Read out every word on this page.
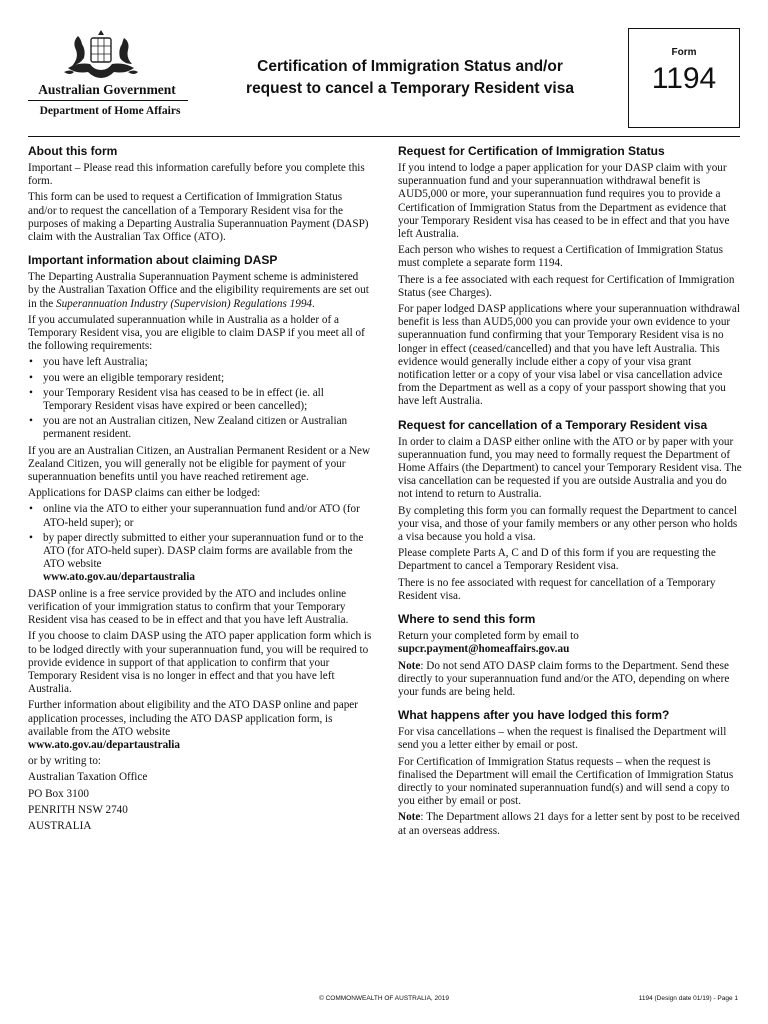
Australian Government
Department of Home Affairs
Certification of Immigration Status and/or
request to cancel a Temporary Resident visa
Form
1194
About this form

Important – Please read this information carefully before you complete this form.

This form can be used to request a Certification of Immigration Status and/or to request the cancellation of a Temporary Resident visa for the purposes of making a Departing Australia Superannuation Payment (DASP) claim with the Australian Tax Office (ATO).

Important information about claiming DASP

The Departing Australia Superannuation Payment scheme is administered by the Australian Taxation Office and the eligibility requirements are set out in the Superannuation Industry (Supervision) Regulations 1994.

If you accumulated superannuation while in Australia as a holder of a Temporary Resident visa, you are eligible to claim DASP if you meet all of the following requirements:

• you have left Australia;
• you were an eligible temporary resident;
• your Temporary Resident visa has ceased to be in effect (ie. all Temporary Resident visas have expired or been cancelled);
• you are not an Australian citizen, New Zealand citizen or Australian permanent resident.

If you are an Australian Citizen, an Australian Permanent Resident or a New Zealand Citizen, you will generally not be eligible for payment of your superannuation benefits until you have reached retirement age.

Applications for DASP claims can either be lodged:

• online via the ATO to either your superannuation fund and/or ATO (for ATO-held super); or
• by paper directly submitted to either your superannuation fund or to the ATO (for ATO-held super). DASP claim forms are available from the ATO website
www.ato.gov.au/departaustralia

DASP online is a free service provided by the ATO and includes online verification of your immigration status to confirm that your Temporary Resident visa has ceased to be in effect and that you have left Australia.

If you choose to claim DASP using the ATO paper application form which is to be lodged directly with your superannuation fund, you will be required to provide evidence in support of that application to confirm that your Temporary Resident visa is no longer in effect and that you have left Australia.

Further information about eligibility and the ATO DASP online and paper application processes, including the ATO DASP application form, is available from the ATO website
www.ato.gov.au/departaustralia

or by writing to:

Australian Taxation Office

PO Box 3100

PENRITH NSW 2740

AUSTRALIA

Request for Certification of Immigration Status

If you intend to lodge a paper application for your DASP claim with your superannuation fund and your superannuation withdrawal benefit is AUD5,000 or more, your superannuation fund requires you to provide a Certification of Immigration Status from the Department as evidence that your Temporary Resident visa has ceased to be in effect and that you have left Australia.

Each person who wishes to request a Certification of Immigration Status must complete a separate form 1194.

There is a fee associated with each request for Certification of Immigration Status (see Charges).

For paper lodged DASP applications where your superannuation withdrawal benefit is less than AUD5,000 you can provide your own evidence to your superannuation fund confirming that your Temporary Resident visa is no longer in effect (ceased/cancelled) and that you have left Australia. This evidence would generally include either a copy of your visa grant notification letter or a copy of your visa label or visa cancellation advice from the Department as well as a copy of your passport showing that you have left Australia.

Request for cancellation of a Temporary Resident visa

In order to claim a DASP either online with the ATO or by paper with your superannuation fund, you may need to formally request the Department of Home Affairs (the Department) to cancel your Temporary Resident visa. The visa cancellation can be requested if you are outside Australia and you do not intend to return to Australia.

By completing this form you can formally request the Department to cancel your visa, and those of your family members or any other person who holds a visa because you hold a visa.

Please complete Parts A, C and D of this form if you are requesting the Department to cancel a Temporary Resident visa.

There is no fee associated with request for cancellation of a Temporary Resident visa.

Where to send this form

Return your completed form by email to
supcr.payment@homeaffairs.gov.au

Note: Do not send ATO DASP claim forms to the Department. Send these directly to your superannuation fund and/or the ATO, depending on where your funds are being held.

What happens after you have lodged this form?

For visa cancellations – when the request is finalised the Department will send you a letter either by email or post.

For Certification of Immigration Status requests – when the request is finalised the Department will email the Certification of Immigration Status directly to your nominated superannuation fund(s) and will send a copy to you either by email or post.

Note: The Department allows 21 days for a letter sent by post to be received at an overseas address.

© COMMONWEALTH OF AUSTRALIA, 2019	1194 (Design date 01/19) - Page 1
